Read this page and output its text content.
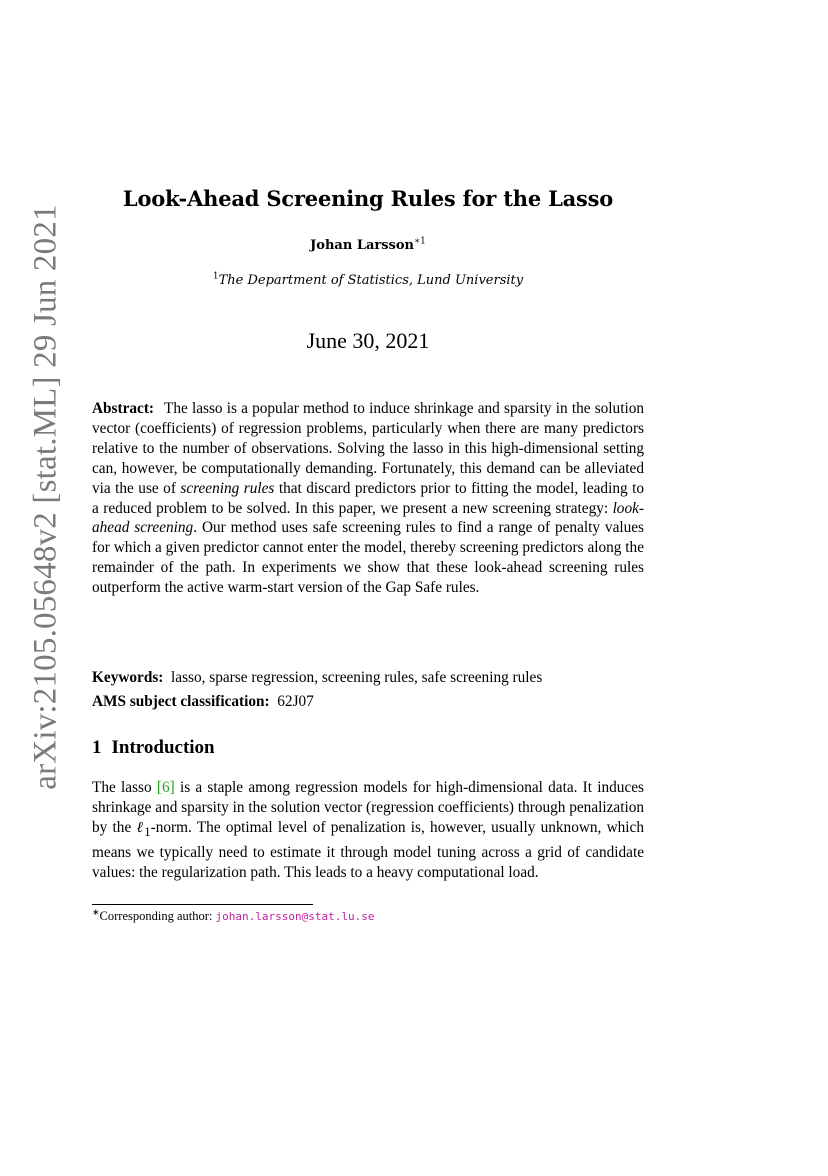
arXiv:2105.05648v2 [stat.ML] 29 Jun 2021
Look-Ahead Screening Rules for the Lasso
Johan Larsson$^{∗1}$
$^1$The Department of Statistics, Lund University
June 30, 2021

Abstract: The lasso is a popular method to induce shrinkage and sparsity in the solution vector (coefficients) of regression problems, particularly when there are many predictors relative to the number of observations. Solving the lasso in this high-dimensional setting can, however, be computationally demanding. Fortunately, this demand can be alleviated via the use of screening rules that discard predictors prior to fitting the model, leading to a reduced problem to be solved. In this paper, we present a new screening strategy: look-ahead screening. Our method uses safe screening rules to find a range of penalty values for which a given predictor cannot enter the model, thereby screening predictors along the remainder of the path. In experiments we show that these look-ahead screening rules outperform the active warm-start version of the Gap Safe rules.

Keywords: lasso, sparse regression, screening rules, safe screening rules
AMS subject classification: 62J07
1 Introduction

The lasso [6] is a staple among regression models for high-dimensional data. It induces shrinkage and sparsity in the solution vector (regression coefficients) through penalization by the ℓ$_1$-norm. The optimal level of penalization is, however, usually unknown, which means we typically need to estimate it through model tuning across a grid of candidate values: the regularization path. This leads to a heavy computational load.

∗Corresponding author: johan.larsson@stat.lu.se
